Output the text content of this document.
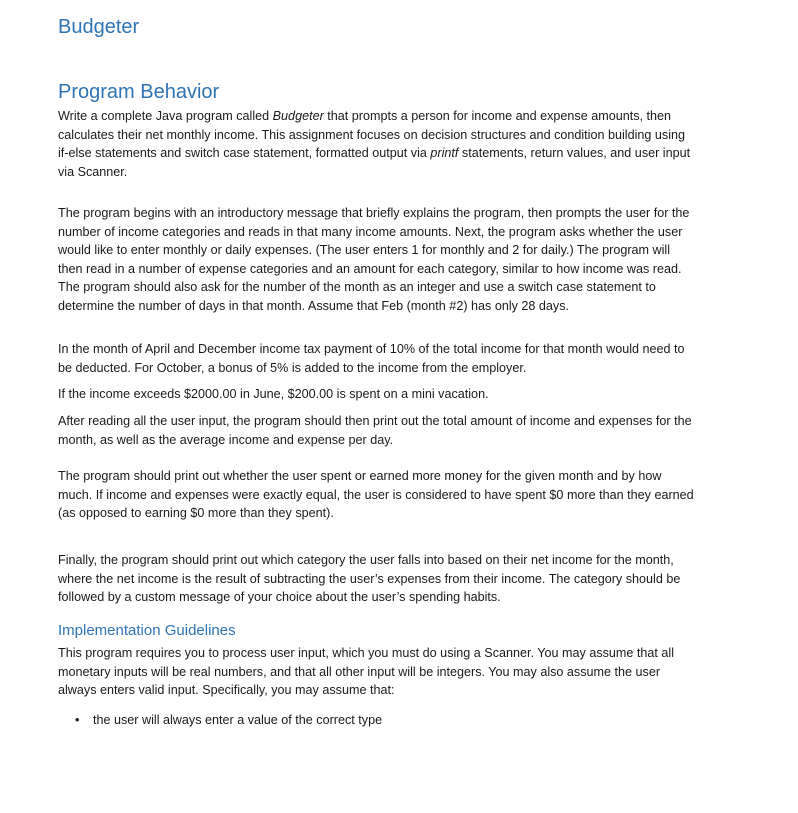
Budgeter
Program Behavior

Write a complete Java program called Budgeter that prompts a person for income and expense amounts, then calculates their net monthly income. This assignment focuses on decision structures and condition building using if-else statements and switch case statement, formatted output via printf statements, return values, and user input via Scanner.

The program begins with an introductory message that briefly explains the program, then prompts the user for the number of income categories and reads in that many income amounts. Next, the program asks whether the user would like to enter monthly or daily expenses. (The user enters 1 for monthly and 2 for daily.) The program will then read in a number of expense categories and an amount for each category, similar to how income was read. The program should also ask for the number of the month as an integer and use a switch case statement to determine the number of days in that month. Assume that Feb (month #2) has only 28 days.

In the month of April and December income tax payment of 10% of the total income for that month would need to be deducted. For October, a bonus of 5% is added to the income from the employer.

If the income exceeds $2000.00 in June, $200.00 is spent on a mini vacation.

After reading all the user input, the program should then print out the total amount of income and expenses for the month, as well as the average income and expense per day.

The program should print out whether the user spent or earned more money for the given month and by how much. If income and expenses were exactly equal, the user is considered to have spent $0 more than they earned (as opposed to earning $0 more than they spent).

Finally, the program should print out which category the user falls into based on their net income for the month, where the net income is the result of subtracting the user’s expenses from their income. The category should be followed by a custom message of your choice about the user’s spending habits.

Implementation Guidelines

This program requires you to process user input, which you must do using a Scanner. You may assume that all monetary inputs will be real numbers, and that all other input will be integers. You may also assume the user always enters valid input. Specifically, you may assume that:

• the user will always enter a value of the correct type
